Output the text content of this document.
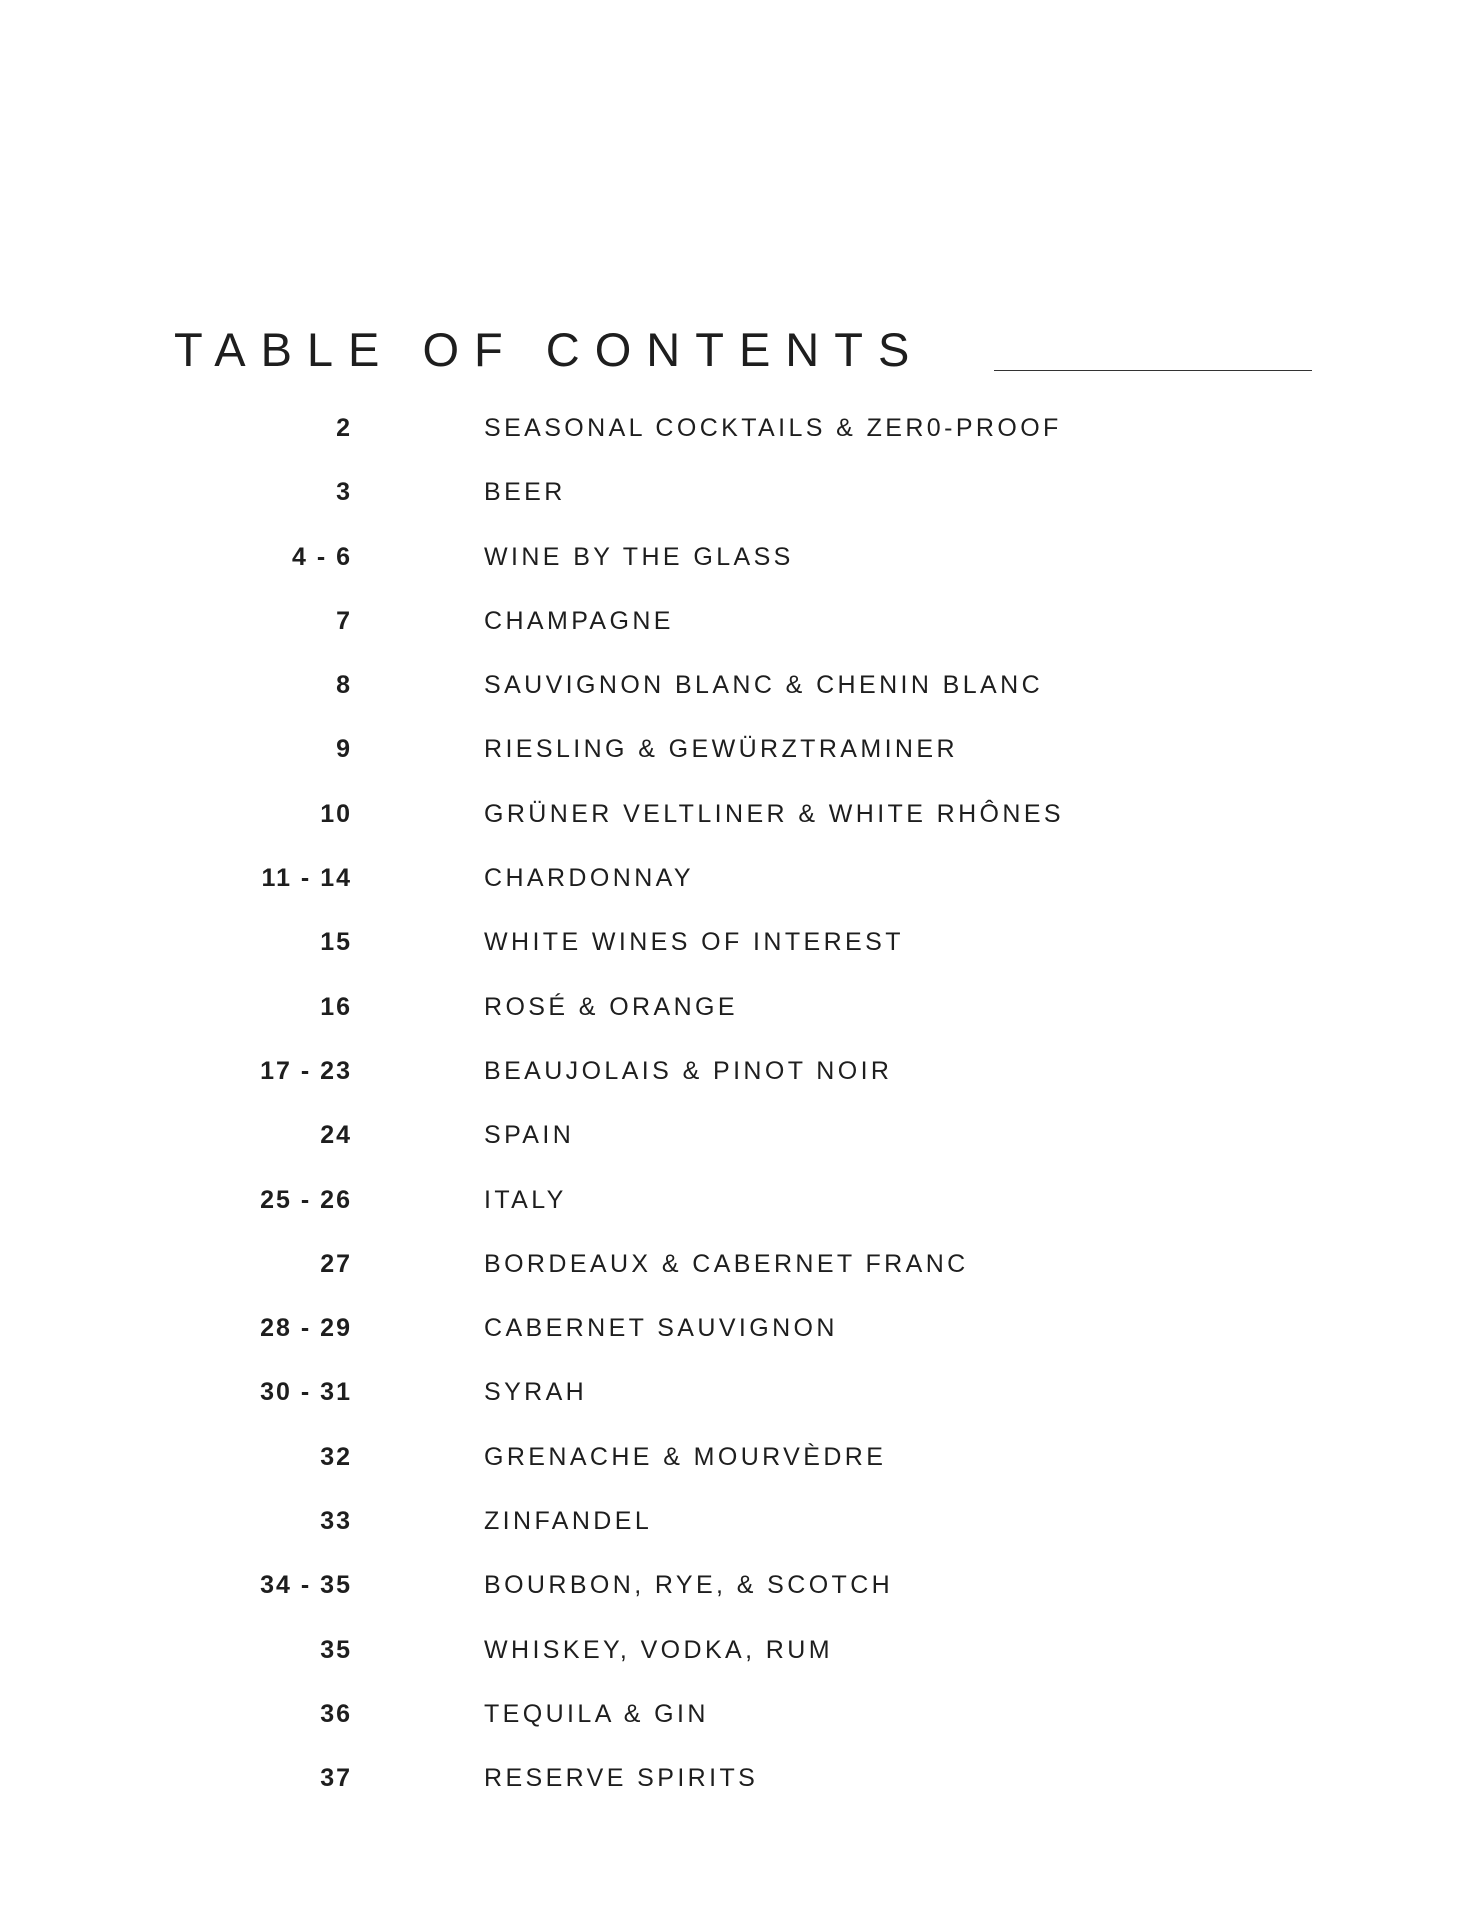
TABLE OF CONTENTS
2	SEASONAL COCKTAILS & ZER0-PROOF
3	BEER
4 - 6	WINE BY THE GLASS
7	CHAMPAGNE
8	SAUVIGNON BLANC & CHENIN BLANC
9	RIESLING & GEWÜRZTRAMINER
10	GRÜNER VELTLINER & WHITE RHÔNES
11 - 14	CHARDONNAY
15	WHITE WINES OF INTEREST
16	ROSÉ & ORANGE
17 - 23	BEAUJOLAIS & PINOT NOIR
24	SPAIN
25 - 26	ITALY
27	BORDEAUX & CABERNET FRANC
28 - 29	CABERNET SAUVIGNON
30 - 31	SYRAH
32	GRENACHE & MOURVÈDRE
33	ZINFANDEL
34 - 35	BOURBON, RYE, & SCOTCH
35	WHISKEY, VODKA, RUM
36	TEQUILA & GIN
37	RESERVE SPIRITS
